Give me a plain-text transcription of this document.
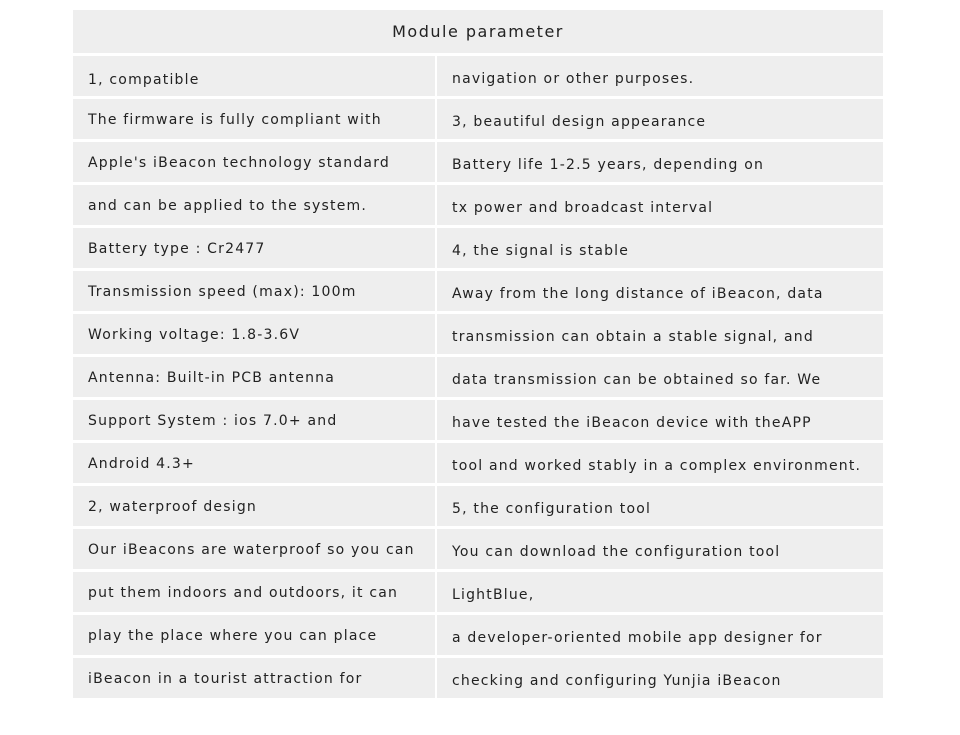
Module parameter
1, compatible
The firmware is fully compliant with
Apple's iBeacon technology standard
and can be applied to the system.
Battery type : Cr2477
Transmission speed (max): 100m
Working voltage: 1.8-3.6V
Antenna: Built-in PCB antenna
Support System : ios 7.0+ and
Android 4.3+
2, waterproof design
Our iBeacons are waterproof so you can
put them indoors and outdoors, it can
play the place where you can place
iBeacon in a tourist attraction for
navigation or other purposes.
3, beautiful design appearance
Battery life 1-2.5 years, depending on
tx power and broadcast interval
4, the signal is stable
Away from the long distance of iBeacon, data
transmission can obtain a stable signal, and
data transmission can be obtained so far. We
have tested the iBeacon device with theAPP
tool and worked stably in a complex environment.
5, the configuration tool
You can download the configuration tool
LightBlue,
a developer-oriented mobile app designer for
checking and configuring Yunjia iBeacon
